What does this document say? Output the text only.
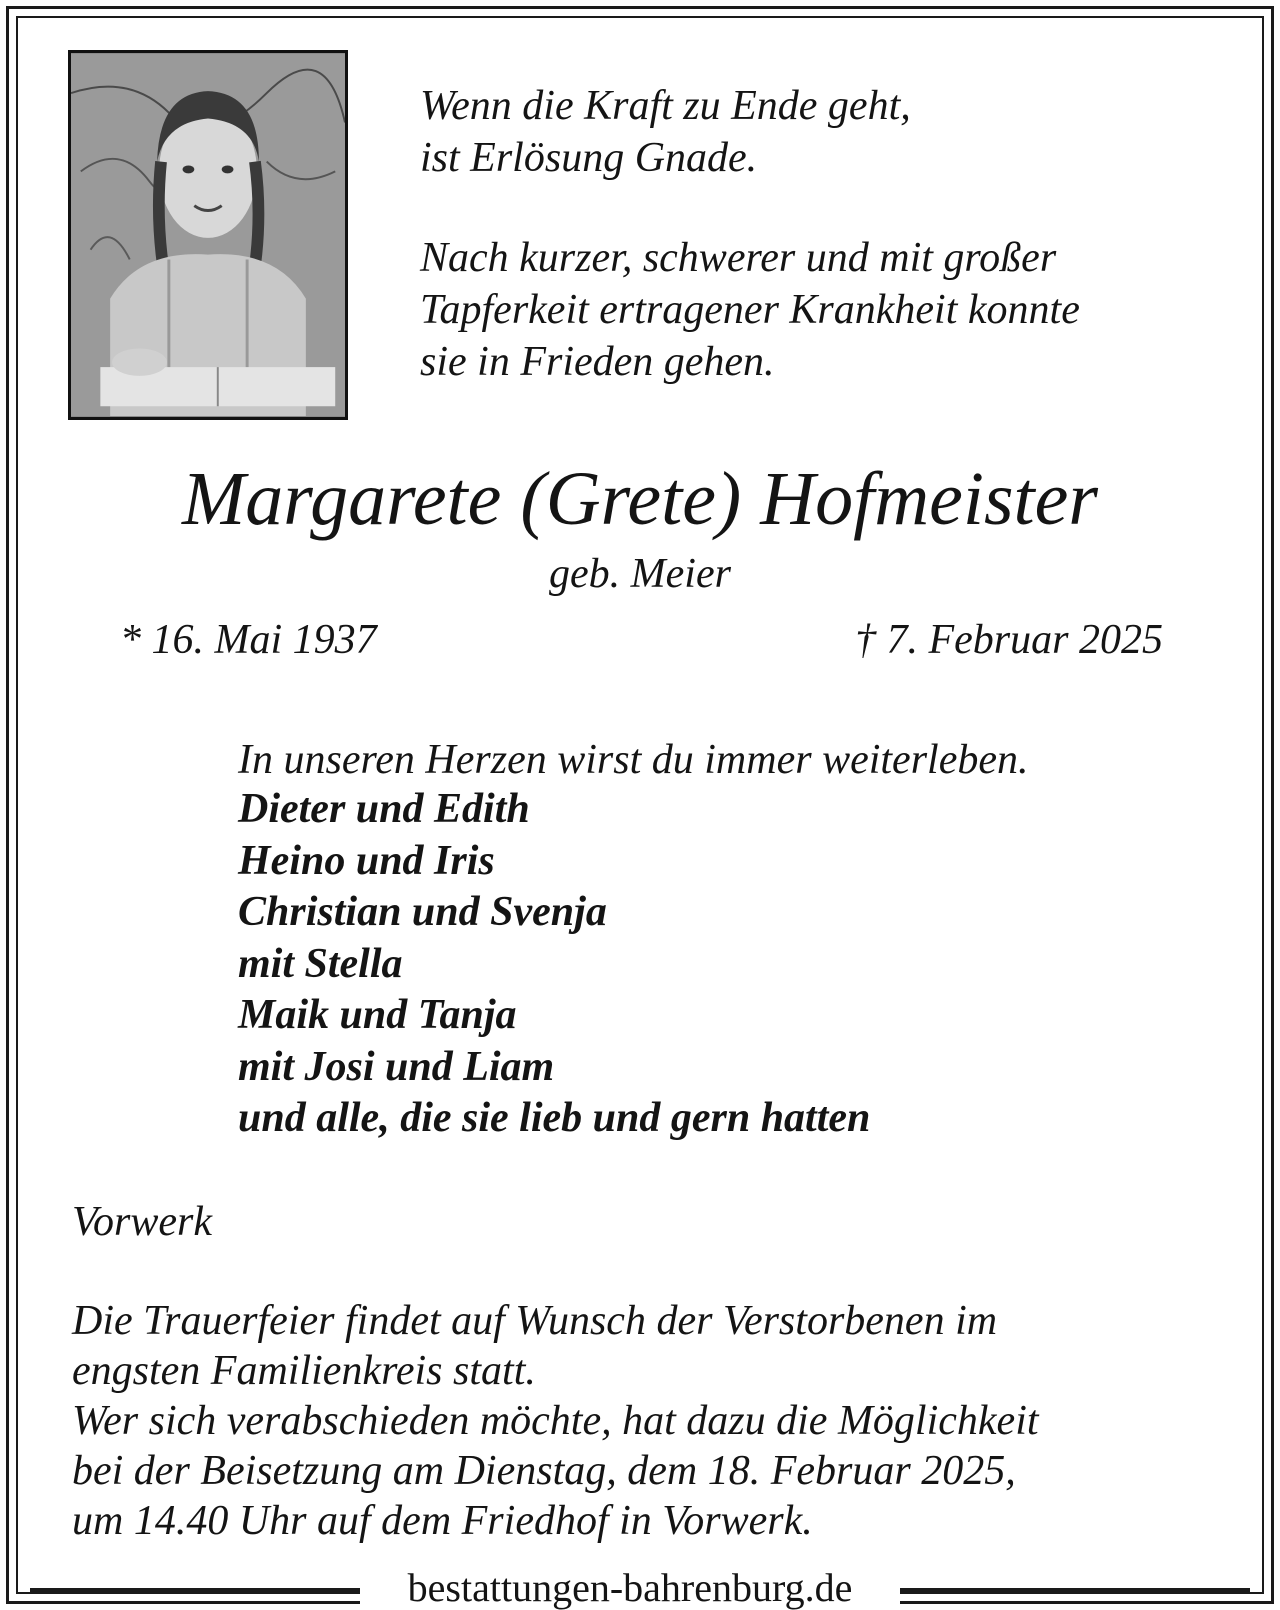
Wenn die Kraft zu Ende geht,
ist Erlösung Gnade.
Nach kurzer, schwerer und mit großer
Tapferkeit ertragener Krankheit konnte
sie in Frieden gehen.
Margarete (Grete) Hofmeister
geb. Meier
* 16. Mai 1937	† 7. Februar 2025
In unseren Herzen wirst du immer weiterleben.
Dieter und Edith
Heino und Iris
Christian und Svenja
mit Stella
Maik und Tanja
mit Josi und Liam
und alle, die sie lieb und gern hatten
Vorwerk
Die Trauerfeier findet auf Wunsch der Verstorbenen im
engsten Familienkreis statt.
Wer sich verabschieden möchte, hat dazu die Möglichkeit
bei der Beisetzung am Dienstag, dem 18. Februar 2025,
um 14.40 Uhr auf dem Friedhof in Vorwerk.
bestattungen-bahrenburg.de
